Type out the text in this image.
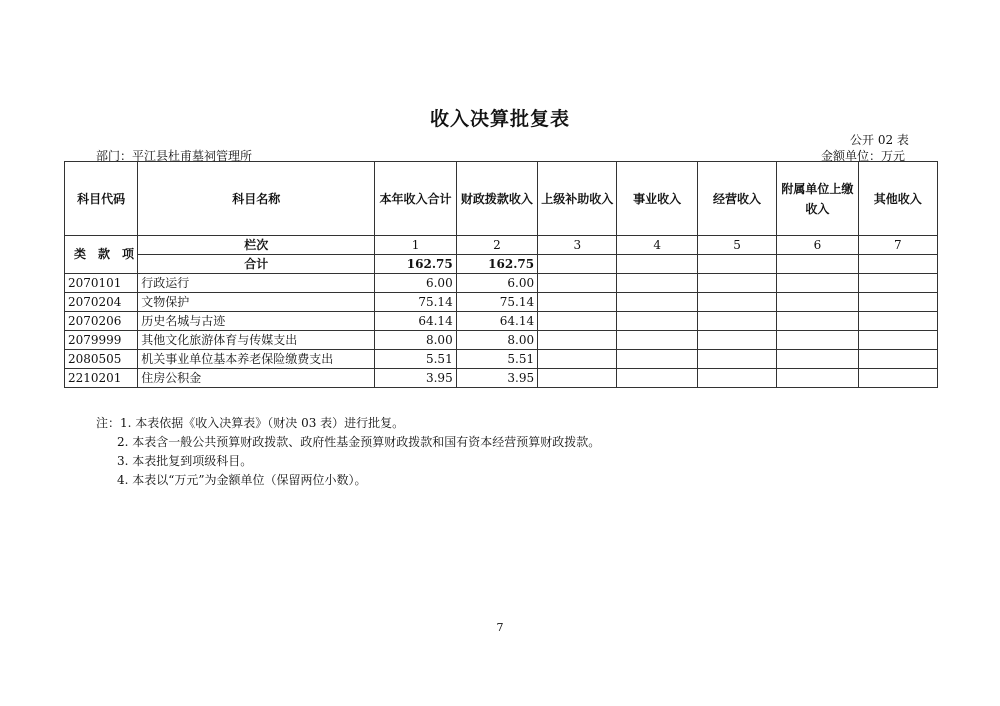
收入决算批复表
公开 02 表
部门：平江县杜甫墓祠管理所	金额单位：万元
科目代码	科目名称	本年收入合计	财政拨款收入	上级补助收入	事业收入	经营收入	附属单位上缴收入	其他收入
类 款 项	栏次	1	2	3	4	5	6	7
	合计	162.75	162.75					
2070101	行政运行	6.00	6.00					
2070204	文物保护	75.14	75.14					
2070206	历史名城与古迹	64.14	64.14					
2079999	其他文化旅游体育与传媒支出	8.00	8.00					
2080505	机关事业单位基本养老保险缴费支出	5.51	5.51					
2210201	住房公积金	3.95	3.95					
注：1. 本表依据《收入决算表》（财决 03 表）进行批复。
2. 本表含一般公共预算财政拨款、政府性基金预算财政拨款和国有资本经营预算财政拨款。
3. 本表批复到项级科目。
4. 本表以“万元”为金额单位（保留两位小数）。
7
